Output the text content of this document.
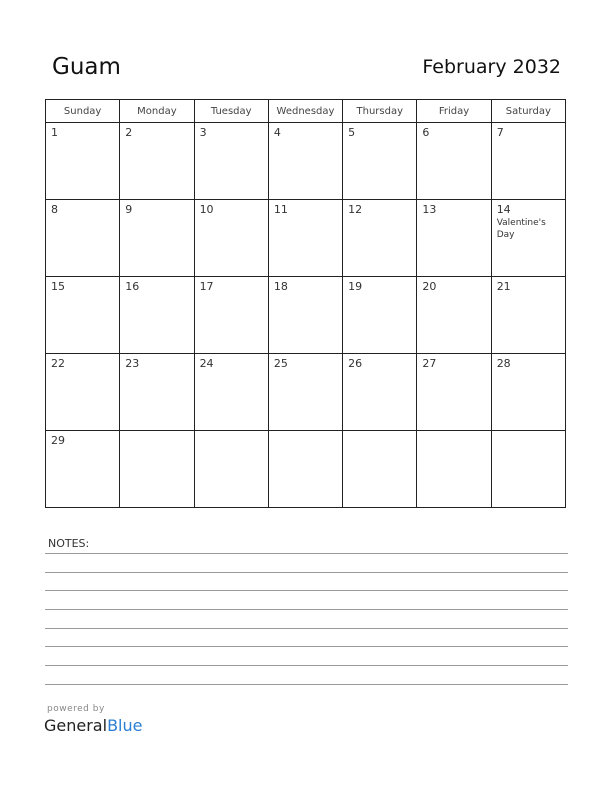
Guam	February 2032
Sunday	Monday	Tuesday	Wednesday	Thursday	Friday	Saturday

1	2	3	4	5	6	7

8	9	10	11	12	13	14
Valentine's Day

15	16	17	18	19	20	21

22	23	24	25	26	27	28

29						

NOTES:
powered by
GeneralBlue
